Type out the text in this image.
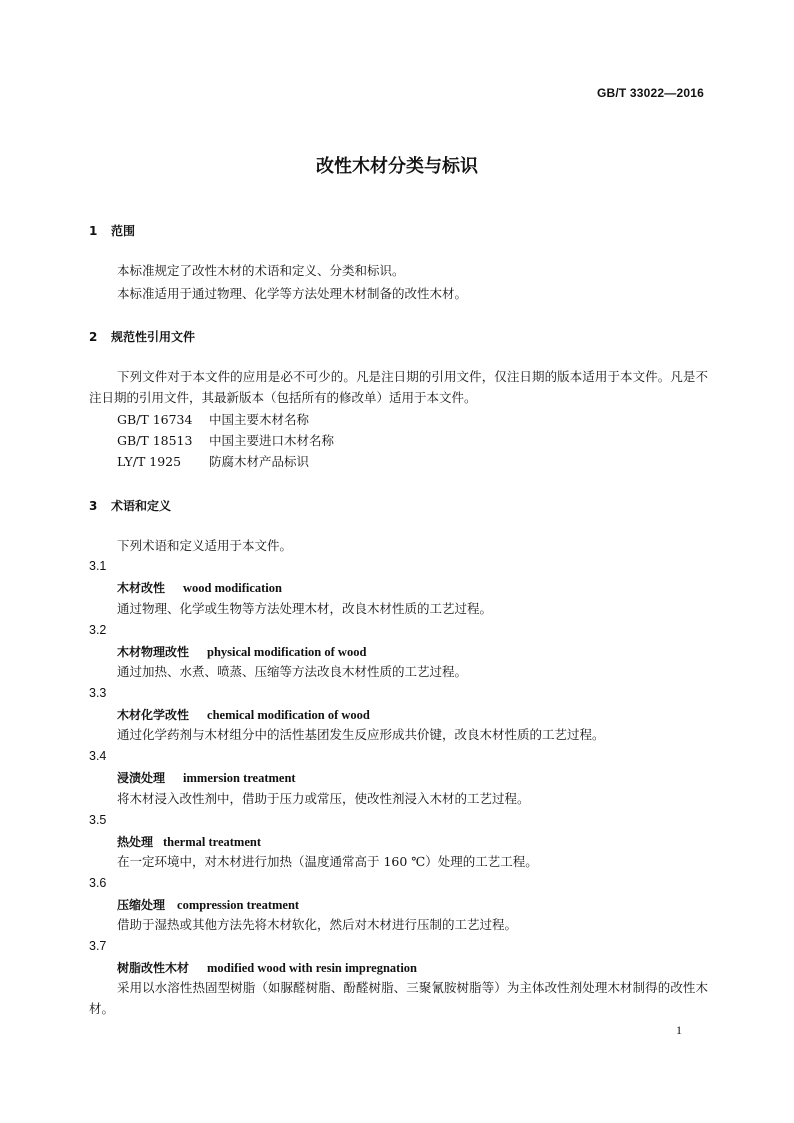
GB/T 33022—2016
改性木材分类与标识
1 范围
本标准规定了改性木材的术语和定义、分类和标识。
本标准适用于通过物理、化学等方法处理木材制备的改性木材。
2 规范性引用文件
下列文件对于本文件的应用是必不可少的。凡是注日期的引用文件，仅注日期的版本适用于本文件。凡是不注日期的引用文件，其最新版本（包括所有的修改单）适用于本文件。
GB/T 16734 中国主要木材名称
GB/T 18513 中国主要进口木材名称
LY/T 1925 防腐木材产品标识
3 术语和定义
下列术语和定义适用于本文件。
3.1
木材改性 wood modification
通过物理、化学或生物等方法处理木材，改良木材性质的工艺过程。
3.2
木材物理改性 physical modification of wood
通过加热、水煮、喷蒸、压缩等方法改良木材性质的工艺过程。
3.3
木材化学改性 chemical modification of wood
通过化学药剂与木材组分中的活性基团发生反应形成共价键，改良木材性质的工艺过程。
3.4
浸渍处理 immersion treatment
将木材浸入改性剂中，借助于压力或常压，使改性剂浸入木材的工艺过程。
3.5
热处理 thermal treatment
在一定环境中，对木材进行加热（温度通常高于 160 ℃）处理的工艺工程。
3.6
压缩处理 compression treatment
借助于湿热或其他方法先将木材软化，然后对木材进行压制的工艺过程。
3.7
树脂改性木材 modified wood with resin impregnation
采用以水溶性热固型树脂（如脲醛树脂、酚醛树脂、三聚氰胺树脂等）为主体改性剂处理木材制得的改性木材。
1
